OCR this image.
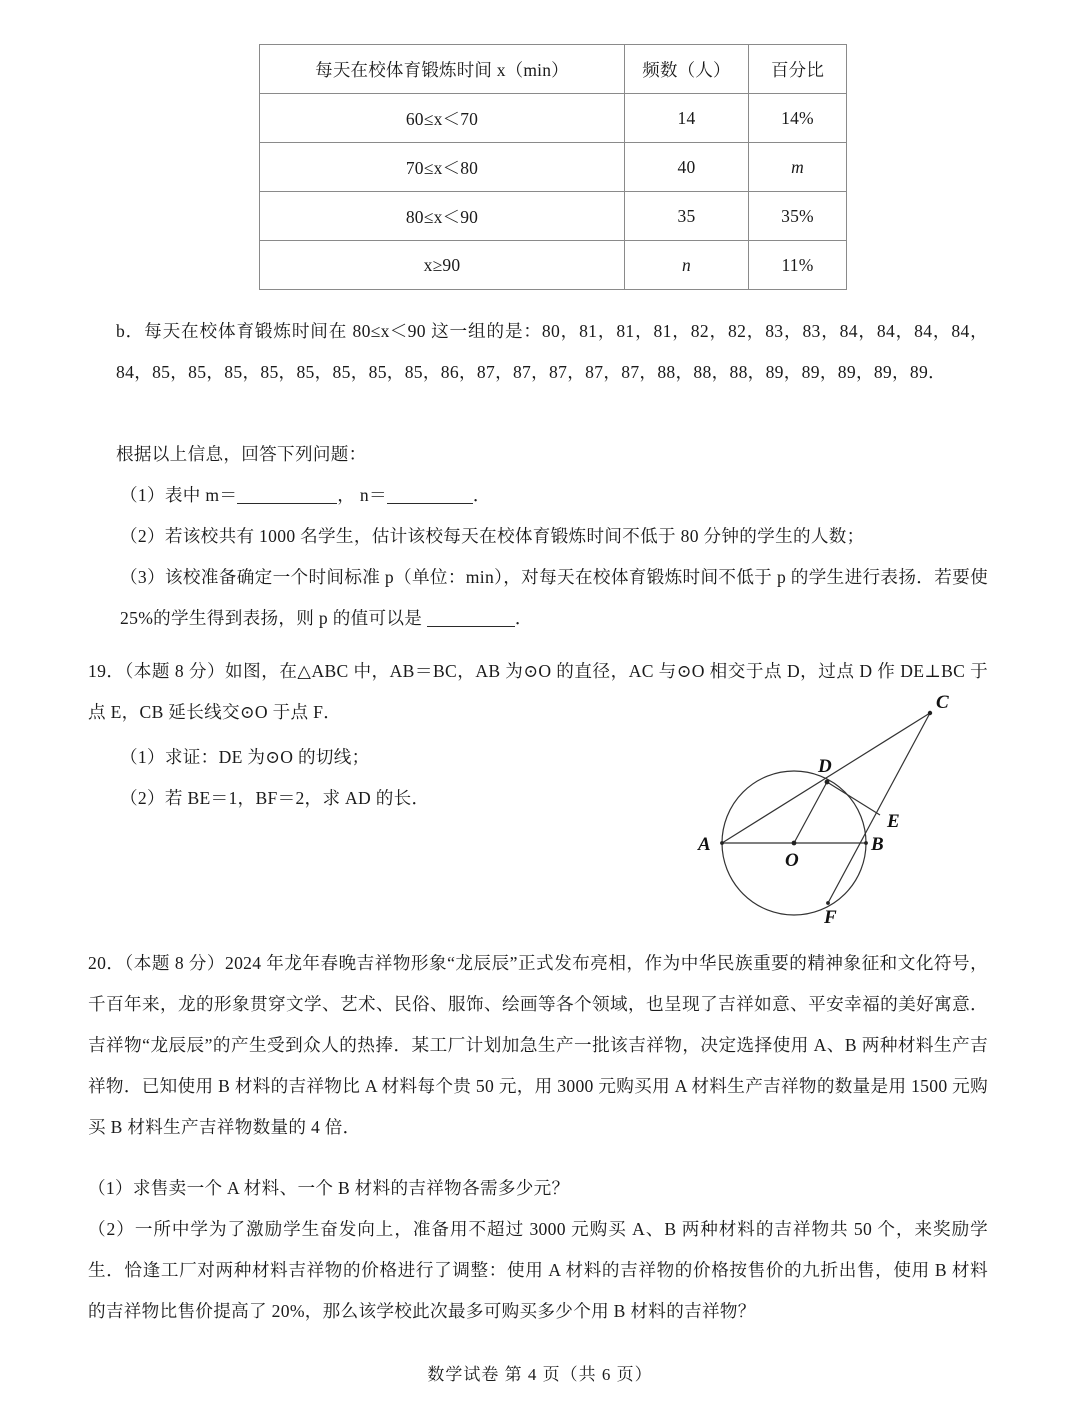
每天在校体育锻炼时间 x（min）	频数（人）	百分比
60≤x＜70	14	14%
70≤x＜80	40	m
80≤x＜90	35	35%
x≥90	n	11%
b．每天在校体育锻炼时间在 80≤x＜90 这一组的是：80，81，81，81，82，82，83，83，84，84，84，84，84，85，85，85，85，85，85，85，85，86，87，87，87，87，87，88，88，88，89，89，89，89，89．
根据以上信息，回答下列问题：
（1）表中 m＝	， n＝	．
（2）若该校共有 1000 名学生，估计该校每天在校体育锻炼时间不低于 80 分钟的学生的人数；
（3）该校准备确定一个时间标准 p（单位：min），对每天在校体育锻炼时间不低于 p 的学生进行表扬．若要使 25%的学生得到表扬，则 p 的值可以是	．
19．（本题 8 分）如图，在△ABC 中，AB＝BC，AB 为⊙O 的直径，AC 与⊙O 相交于点 D，过点 D 作 DE⊥BC 于点 E，CB 延长线交⊙O 于点 F．
（1）求证：DE 为⊙O 的切线；
（2）若 BE＝1，BF＝2，求 AD 的长．
A	B
C
D
E
F
O
20．（本题 8 分）2024 年龙年春晚吉祥物形象“龙辰辰”正式发布亮相，作为中华民族重要的精神象征和文化符号，千百年来，龙的形象贯穿文学、艺术、民俗、服饰、绘画等各个领域，也呈现了吉祥如意、平安幸福的美好寓意．吉祥物“龙辰辰”的产生受到众人的热捧．某工厂计划加急生产一批该吉祥物，决定选择使用 A、B 两种材料生产吉祥物．已知使用 B 材料的吉祥物比 A 材料每个贵 50 元，用 3000 元购买用 A 材料生产吉祥物的数量是用 1500 元购买 B 材料生产吉祥物数量的 4 倍．
（1）求售卖一个 A 材料、一个 B 材料的吉祥物各需多少元？
（2）一所中学为了激励学生奋发向上，准备用不超过 3000 元购买 A、B 两种材料的吉祥物共 50 个，来奖励学生．恰逢工厂对两种材料吉祥物的价格进行了调整：使用 A 材料的吉祥物的价格按售价的九折出售，使用 B 材料的吉祥物比售价提高了 20%，那么该学校此次最多可购买多少个用 B 材料的吉祥物？
数学试卷 第 4 页（共 6 页）
